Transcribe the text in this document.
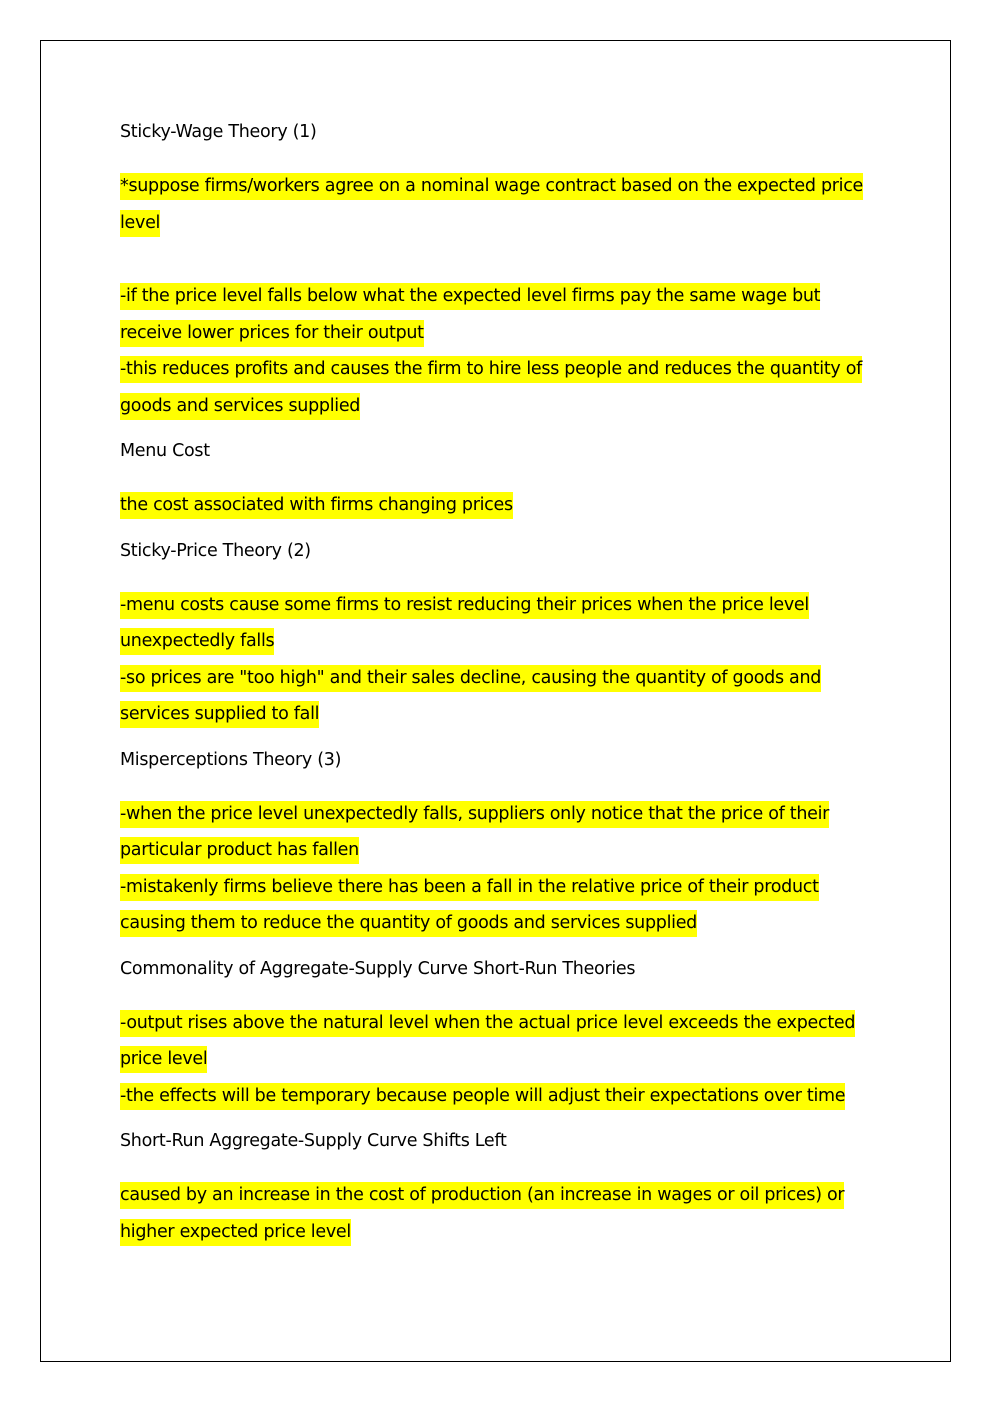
Sticky-Wage Theory (1)
*suppose firms/workers agree on a nominal wage contract based on the expected price
level
-if the price level falls below what the expected level firms pay the same wage but
receive lower prices for their output
-this reduces profits and causes the firm to hire less people and reduces the quantity of
goods and services supplied
Menu Cost
the cost associated with firms changing prices
Sticky-Price Theory (2)
-menu costs cause some firms to resist reducing their prices when the price level
unexpectedly falls
-so prices are "too high" and their sales decline, causing the quantity of goods and
services supplied to fall
Misperceptions Theory (3)
-when the price level unexpectedly falls, suppliers only notice that the price of their
particular product has fallen
-mistakenly firms believe there has been a fall in the relative price of their product
causing them to reduce the quantity of goods and services supplied
Commonality of Aggregate-Supply Curve Short-Run Theories
-output rises above the natural level when the actual price level exceeds the expected
price level
-the effects will be temporary because people will adjust their expectations over time
Short-Run Aggregate-Supply Curve Shifts Left
caused by an increase in the cost of production (an increase in wages or oil prices) or
higher expected price level
